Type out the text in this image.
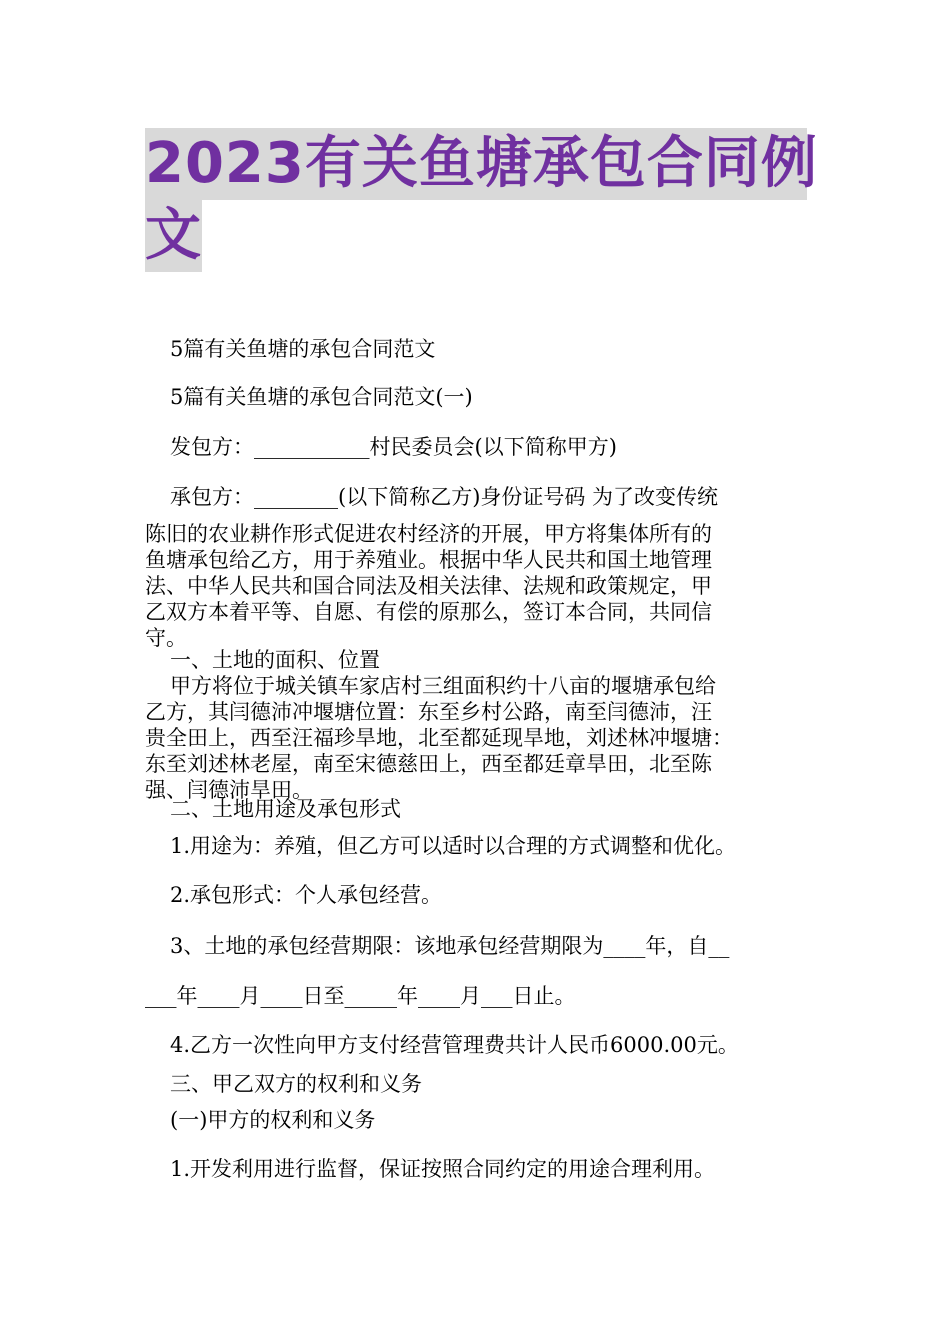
2023有关鱼塘承包合同例
文
5篇有关鱼塘的承包合同范文
5篇有关鱼塘的承包合同范文(一)
发包方：___________村民委员会(以下简称甲方)
承包方：________(以下简称乙方)身份证号码 为了改变传统
陈旧的农业耕作形式促进农村经济的开展，甲方将集体所有的
鱼塘承包给乙方，用于养殖业。根据中华人民共和国土地管理
法、中华人民共和国合同法及相关法律、法规和政策规定，甲
乙双方本着平等、自愿、有偿的原那么，签订本合同，共同信
守。
一、土地的面积、位置
甲方将位于城关镇车家店村三组面积约十八亩的堰塘承包给
乙方，其闫德沛冲堰塘位置：东至乡村公路，南至闫德沛，汪
贵全田上，西至汪福珍旱地，北至都延现旱地，刘述林冲堰塘：
东至刘述林老屋，南至宋德慈田上，西至都廷章旱田，北至陈
强、闫德沛旱田。
二、土地用途及承包形式
1.用途为：养殖，但乙方可以适时以合理的方式调整和优化。
2.承包形式：个人承包经营。
3、土地的承包经营期限：该地承包经营期限为____年，自__
___年____月____日至_____年____月___日止。
4.乙方一次性向甲方支付经营管理费共计人民币6000.00元。
三、甲乙双方的权利和义务
(一)甲方的权利和义务
1.开发利用进行监督，保证按照合同约定的用途合理利用。
